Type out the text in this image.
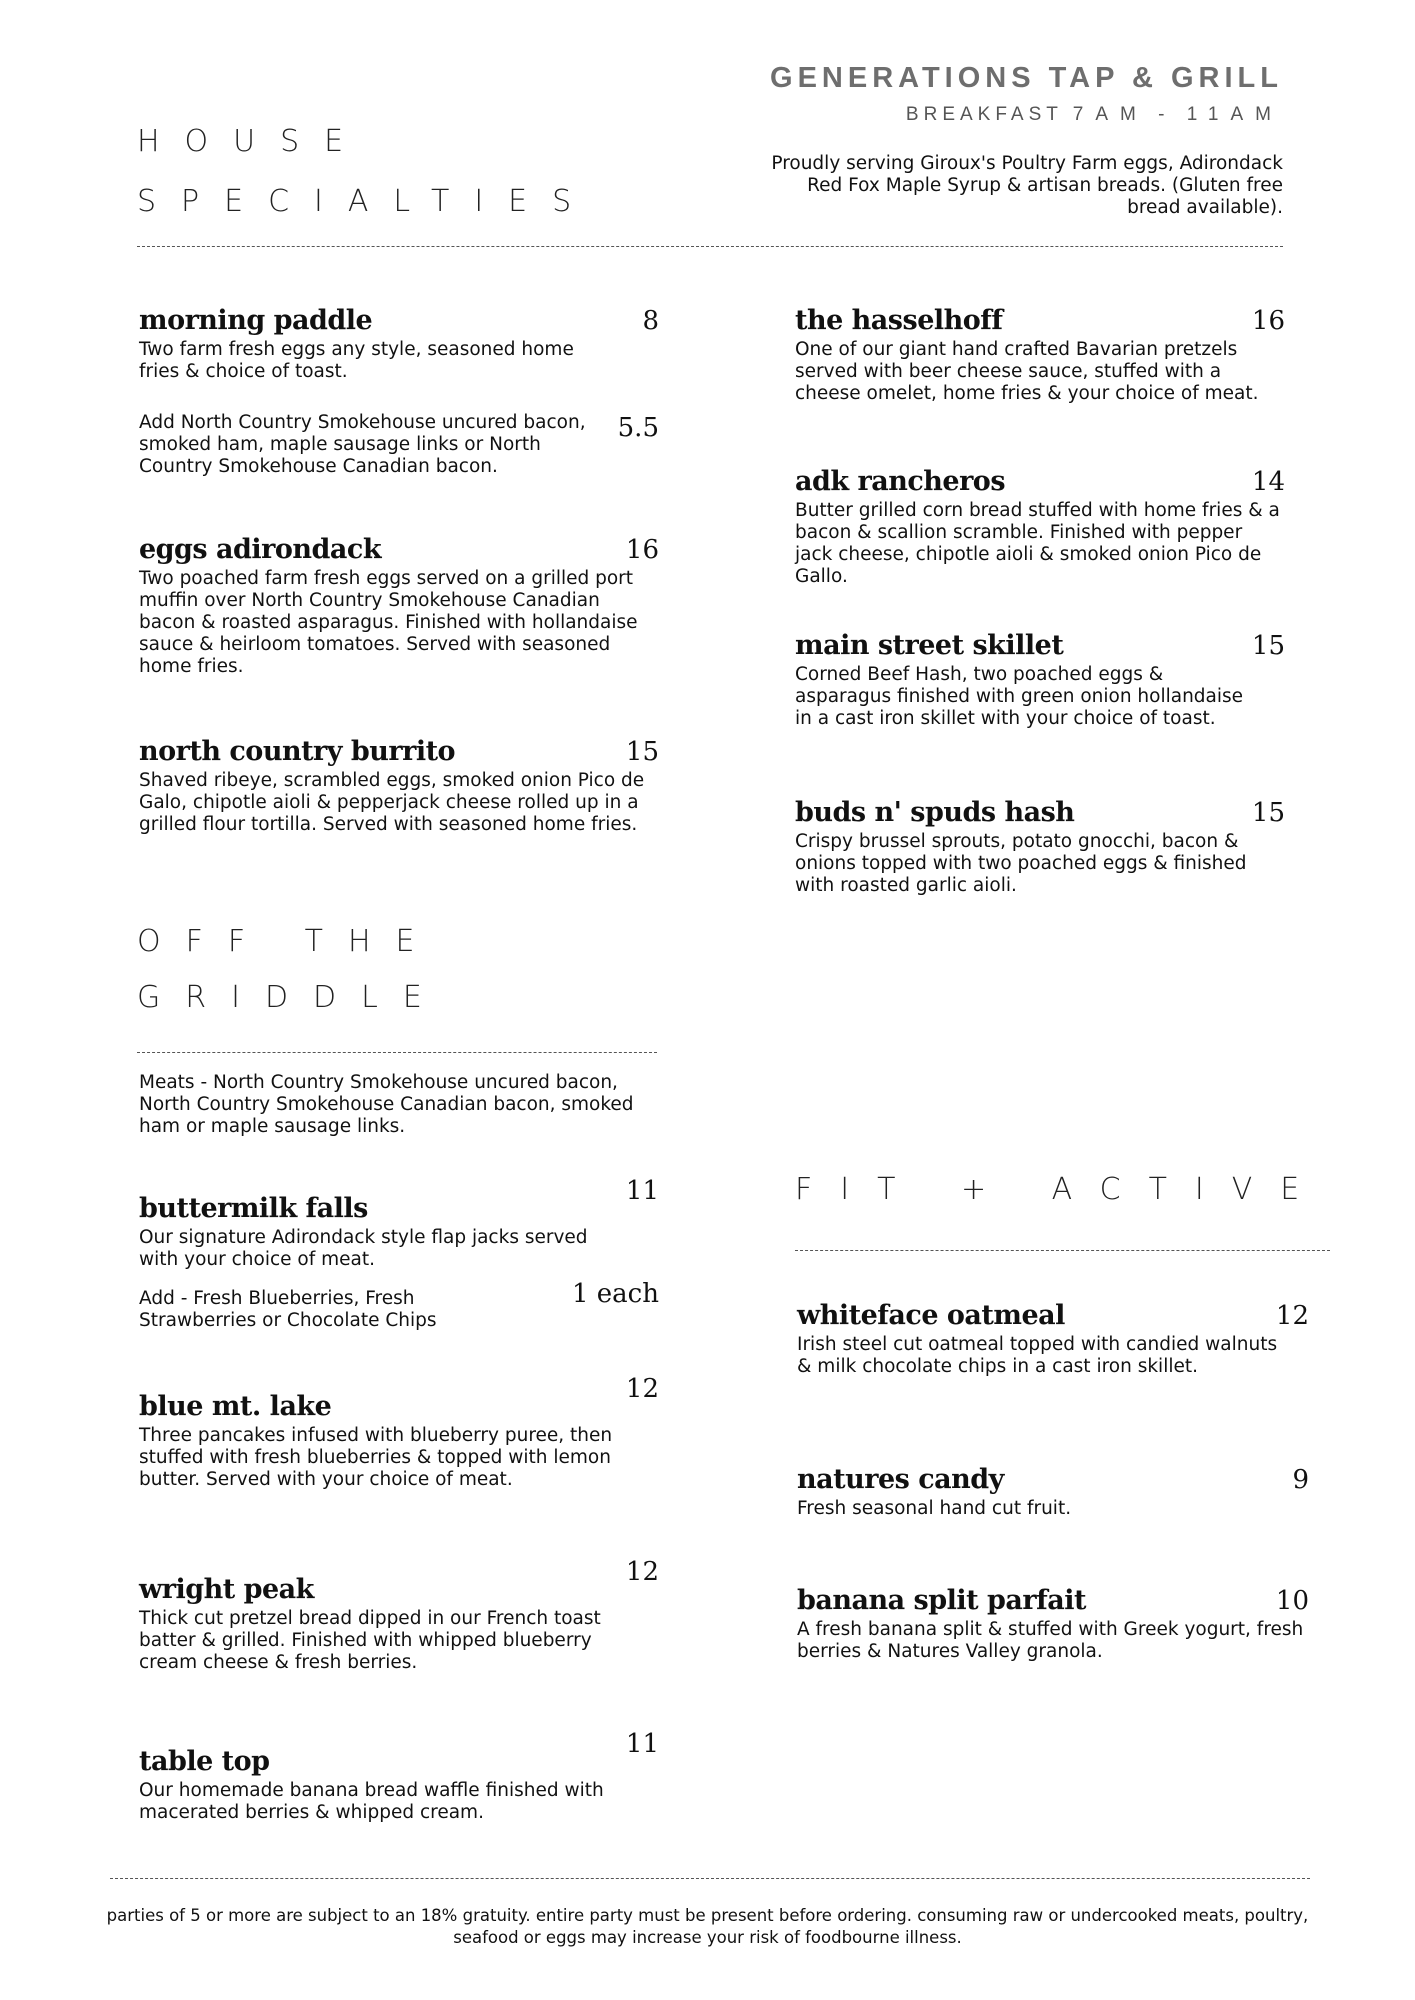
GENERATIONS TAP & GRILL
BREAKFAST 7AM - 11AM
Proudly serving Giroux's Poultry Farm eggs, Adirondack Red Fox Maple Syrup & artisan breads. (Gluten free bread available).
HOUSE
SPECIALTIES
morning paddle	8
Two farm fresh eggs any style, seasoned home fries & choice of toast.
Add North Country Smokehouse uncured bacon, smoked ham, maple sausage links or North Country Smokehouse Canadian bacon.
5.5
eggs adirondack	16
Two poached farm fresh eggs served on a grilled port muffin over North Country Smokehouse Canadian bacon & roasted asparagus. Finished with hollandaise sauce & heirloom tomatoes. Served with seasoned home fries.
north country burrito	15
Shaved ribeye, scrambled eggs, smoked onion Pico de Galo, chipotle aioli & pepperjack cheese rolled up in a grilled flour tortilla. Served with seasoned home fries.
the hasselhoff	16
One of our giant hand crafted Bavarian pretzels served with beer cheese sauce, stuffed with a cheese omelet, home fries & your choice of meat.
adk rancheros	14
Butter grilled corn bread stuffed with home fries & a bacon & scallion scramble. Finished with pepper jack cheese, chipotle aioli & smoked onion Pico de Gallo.
main street skillet	15
Corned Beef Hash, two poached eggs & asparagus finished with green onion hollandaise in a cast iron skillet with your choice of toast.
buds n' spuds hash	15
Crispy brussel sprouts, potato gnocchi, bacon & onions topped with two poached eggs & finished with roasted garlic aioli.
OFF THE
GRIDDLE
Meats - North Country Smokehouse uncured bacon, North Country Smokehouse Canadian bacon, smoked ham or maple sausage links.
11
buttermilk falls
Our signature Adirondack style flap jacks served with your choice of meat.
Add - Fresh Blueberries, Fresh Strawberries or Chocolate Chips
1 each
12
blue mt. lake
Three pancakes infused with blueberry puree, then stuffed with fresh blueberries & topped with lemon butter. Served with your choice of meat.
12
wright peak
Thick cut pretzel bread dipped in our French toast batter & grilled. Finished with whipped blueberry cream cheese & fresh berries.
11
table top
Our homemade banana bread waffle finished with macerated berries & whipped cream.
FIT + ACTIVE
whiteface oatmeal	12
Irish steel cut oatmeal topped with candied walnuts & milk chocolate chips in a cast iron skillet.
natures candy	9
Fresh seasonal hand cut fruit.
banana split parfait	10
A fresh banana split & stuffed with Greek yogurt, fresh berries & Natures Valley granola.
parties of 5 or more are subject to an 18% gratuity. entire party must be present before ordering. consuming raw or undercooked meats, poultry, seafood or eggs may increase your risk of foodbourne illness.
